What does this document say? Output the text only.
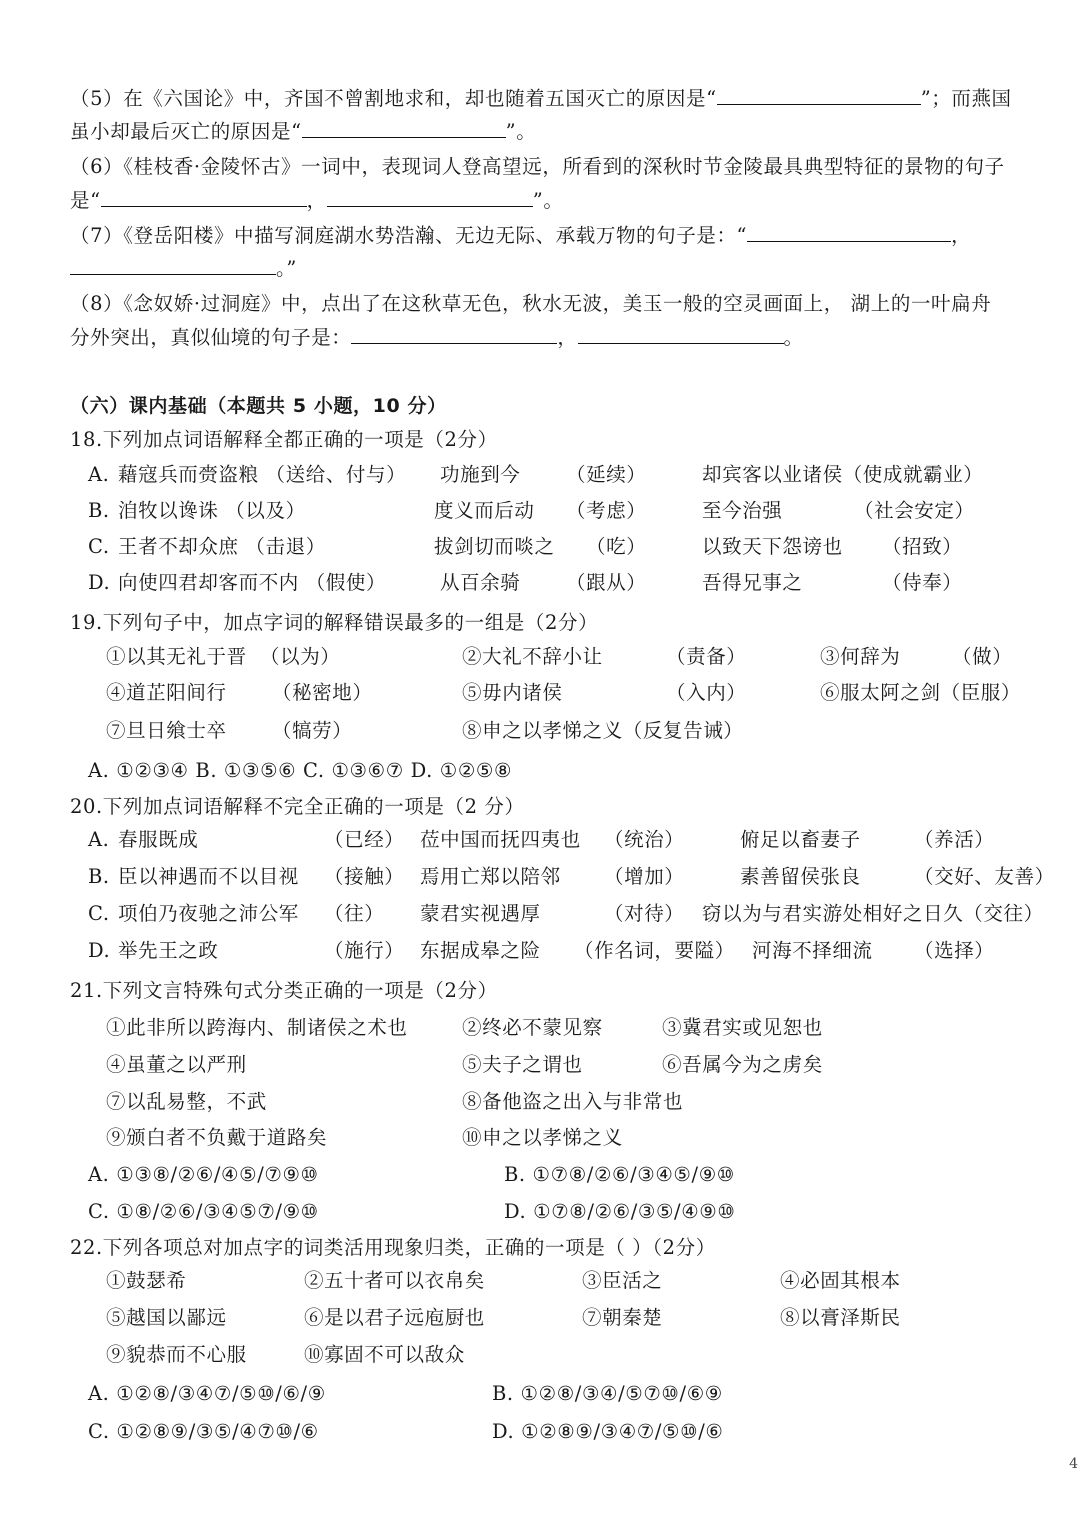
（5）在《六国论》中，齐国不曾割地求和，却也随着五国灭亡的原因是“	”；而燕国
虽小却最后灭亡的原因是“	”。
（6）《桂枝香·金陵怀古》一词中，表现词人登高望远，所看到的深秋时节金陵最具典型特征的景物的句子
是“	，	”。
（7）《登岳阳楼》中描写洞庭湖水势浩瀚、无边无际、承载万物的句子是：“	，
。”
（8）《念奴娇·过洞庭》中，点出了在这秋草无色，秋水无波，美玉一般的空灵画面上， 湖上的一叶扁舟
分外突出，真似仙境的句子是：	，	。
（六）课内基础（本题共 5 小题，10 分）
18.下列加点词语解释全都正确的一项是（2分）
A. 藉寇兵而赍盗粮 （送给、付与） 功施到今 （延续）	却宾客以业诸侯（使成就霸业）
B. 洎牧以谗诛 （以及）	度义而后动 （考虑）	至今治强	（社会安定）
C. 王者不却众庶 （击退）	拔剑切而啖之 （吃）	以致天下怨谤也 （招致）
D. 向使四君却客而不内 （假使）	从百余骑 （跟从）	吾得兄事之	（侍奉）
19.下列句子中，加点字词的解释错误最多的一组是（2分）
①以其无礼于晋 （以为）	②大礼不辞小让	（责备）	③何辞为	（做）
④道芷阳间行 （秘密地）	⑤毋内诸侯	（入内）	⑥服太阿之剑（臣服）
⑦旦日飨士卒 （犒劳）	⑧申之以孝悌之义（反复告诫）
A. ①②③④ B. ①③⑤⑥ C. ①③⑥⑦ D. ①②⑤⑧
20.下列加点词语解释不完全正确的一项是（2 分）
A. 春服既成	（已经） 莅中国而抚四夷也 （统治）	俯足以畜妻子	（养活）
B. 臣以神遇而不以目视 （接触） 焉用亡郑以陪邻 （增加）	素善留侯张良	（交好、友善）
C. 项伯乃夜驰之沛公军 （往） 蒙君实视遇厚	（对待） 窃以为与君实游处相好之日久（交往）
D. 举先王之政	（施行） 东据成皋之险 （作名词，要隘） 河海不择细流 （选择）
21.下列文言特殊句式分类正确的一项是（2分）
①此非所以跨海内、制诸侯之术也	②终必不蒙见察	③冀君实或见恕也
④虽董之以严刑	⑤夫子之谓也	⑥吾属今为之虏矣
⑦以乱易整，不武	⑧备他盗之出入与非常也
⑨颁白者不负戴于道路矣	⑩申之以孝悌之义
A. ①③⑧/②⑥/④⑤/⑦⑨⑩	B. ①⑦⑧/②⑥/③④⑤/⑨⑩
C. ①⑧/②⑥/③④⑤⑦/⑨⑩	D. ①⑦⑧/②⑥/③⑤/④⑨⑩
22.下列各项总对加点字的词类活用现象归类，正确的一项是（ ）（2分）
①鼓瑟希	②五十者可以衣帛矣	③臣活之	④必固其根本
⑤越国以鄙远	⑥是以君子远庖厨也	⑦朝秦楚	⑧以膏泽斯民
⑨貌恭而不心服	⑩寡固不可以敌众
A. ①②⑧/③④⑦/⑤⑩/⑥/⑨	B. ①②⑧/③④/⑤⑦⑩/⑥⑨
C. ①②⑧⑨/③⑤/④⑦⑩/⑥	D. ①②⑧⑨/③④⑦/⑤⑩/⑥
4
